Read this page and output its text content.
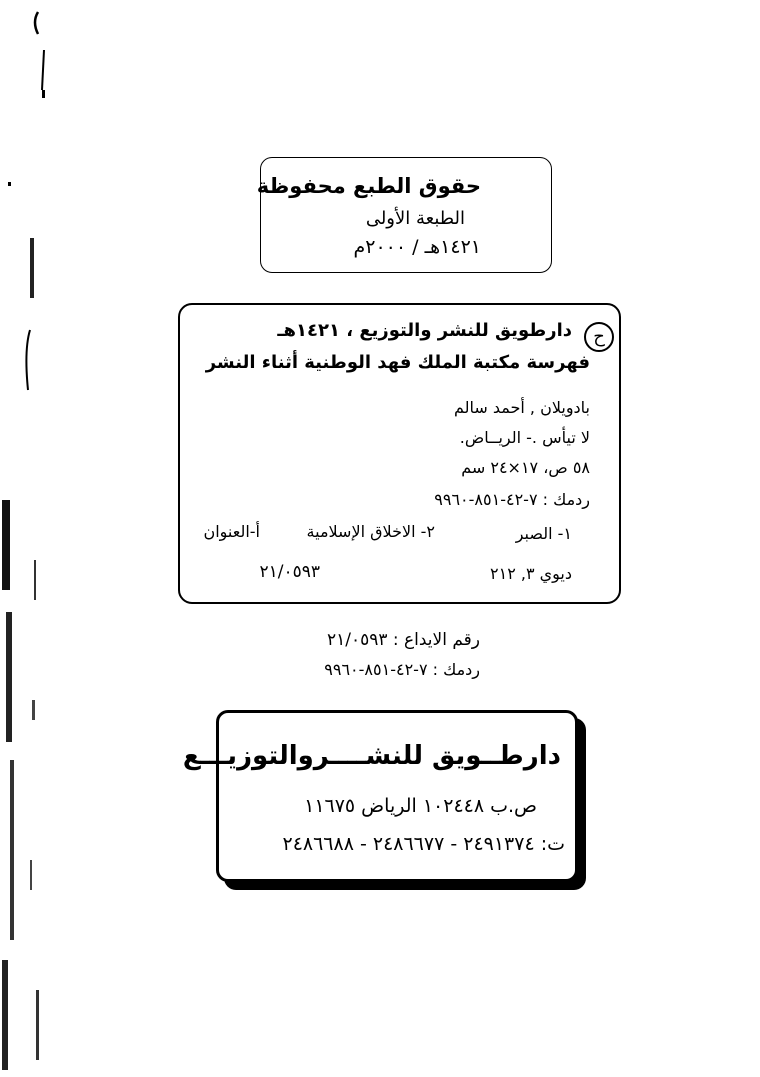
حقوق الطبع محفوظة
الطبعة الأولى
١٤٢١هـ / ٢٠٠٠م
ح
دارطويق للنشر والتوزيع ، ١٤٢١هـ
فهرسة مكتبة الملك فهد الوطنية أثناء النشر
بادويلان , أحمد سالم
لا تيأس .- الريــاض.
٥٨ ص، ١٧×٢٤ سم
ردمك : ٧-٤٢-٨٥١-٩٩٦٠
١- الصبر
٢- الاخلاق الإسلامية
أ-العنوان
ديوي ٣, ٢١٢
٢١/٠٥٩٣
رقم الايداع : ٢١/٠٥٩٣
ردمك : ٧-٤٢-٨٥١-٩٩٦٠
دارطــويق للنشــــروالتوزيـــع
ص.ب ١٠٢٤٤٨ الرياض ١١٦٧٥
ت: ٢٤٩١٣٧٤ - ٢٤٨٦٦٧٧ - ٢٤٨٦٦٨٨
